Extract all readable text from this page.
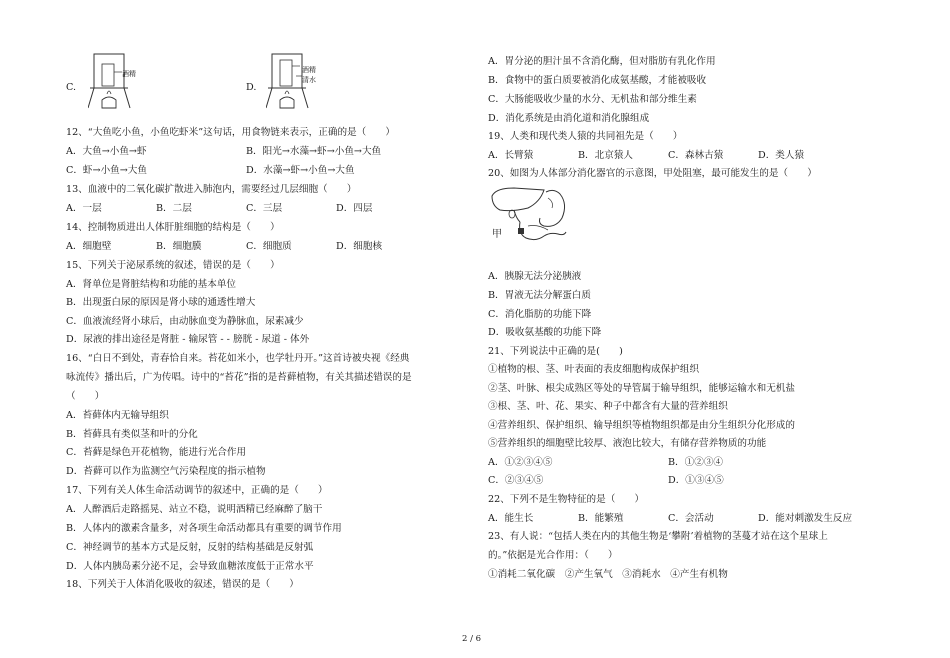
C.
酒精
D.
酒精
清水
12、“大鱼吃小鱼，小鱼吃虾米”这句话，用食物链来表示，正确的是（　　）
A．大鱼→小鱼→虾	B．阳光→水藻→虾→小鱼→大鱼
C．虾→小鱼→大鱼	D．水藻→虾→小鱼→大鱼
13、血液中的二氧化碳扩散进入肺泡内，需要经过几层细胞（　　）
A．一层	B．二层	C．三层	D．四层
14、控制物质进出人体肝脏细胞的结构是（　　）
A．细胞壁	B．细胞膜	C．细胞质	D．细胞核
15、下列关于泌尿系统的叙述，错误的是（　　）
A．肾单位是肾脏结构和功能的基本单位
B．出现蛋白尿的原因是肾小球的通透性增大
C．血液流经肾小球后，由动脉血变为静脉血，尿素减少
D．尿液的排出途径是肾脏 - 输尿管 - - 膀胱 - 尿道 - 体外
16、“白日不到处，青春恰自来。苔花如米小，也学牡丹开。”这首诗被央视《经典
咏流传》播出后，广为传唱。诗中的“苔花”指的是苔藓植物，有关其描述错误的是
（　　）
A．苔藓体内无输导组织
B．苔藓具有类似茎和叶的分化
C．苔藓是绿色开花植物，能进行光合作用
D．苔藓可以作为监测空气污染程度的指示植物
17、下列有关人体生命活动调节的叙述中，正确的是（　　）
A．人醉酒后走路摇晃、站立不稳，说明酒精已经麻醉了脑干
B．人体内的激素含量多，对各项生命活动都具有重要的调节作用
C．神经调节的基本方式是反射，反射的结构基础是反射弧
D．人体内胰岛素分泌不足，会导致血糖浓度低于正常水平
18、下列关于人体消化吸收的叙述，错误的是（　　）
A．胃分泌的胆汁虽不含消化酶，但对脂肪有乳化作用
B．食物中的蛋白质要被消化成氨基酸，才能被吸收
C．大肠能吸收少量的水分、无机盐和部分维生素
D．消化系统是由消化道和消化腺组成
19、人类和现代类人猿的共同祖先是（　　）
A．长臂猿	B．北京猿人	C．森林古猿	D．类人猿
20、如图为人体部分消化器官的示意图，甲处阻塞，最可能发生的是（　　）
甲
A．胰腺无法分泌胰液
B．胃液无法分解蛋白质
C．消化脂肪的功能下降
D．吸收氨基酸的功能下降
21、下列说法中正确的是(　　)
①植物的根、茎、叶表面的表皮细胞构成保护组织
②茎、叶脉、根尖成熟区等处的导管属于输导组织，能够运输水和无机盐
③根、茎、叶、花、果实、种子中都含有大量的营养组织
④营养组织、保护组织、输导组织等植物组织都是由分生组织分化形成的
⑤营养组织的细胞壁比较厚、液泡比较大，有储存营养物质的功能
A．①②③④⑤	B．①②③④
C．②③④⑤	D．①③④⑤
22、下列不是生物特征的是（　　）
A．能生长	B．能繁殖	C．会活动	D．能对刺激发生反应
23、有人说：“包括人类在内的其他生物是‘攀附’着植物的茎蔓才站在这个星球上
的。”依据是光合作用：（　　）
①消耗二氧化碳　②产生氧气　③消耗水　④产生有机物
2 / 6
